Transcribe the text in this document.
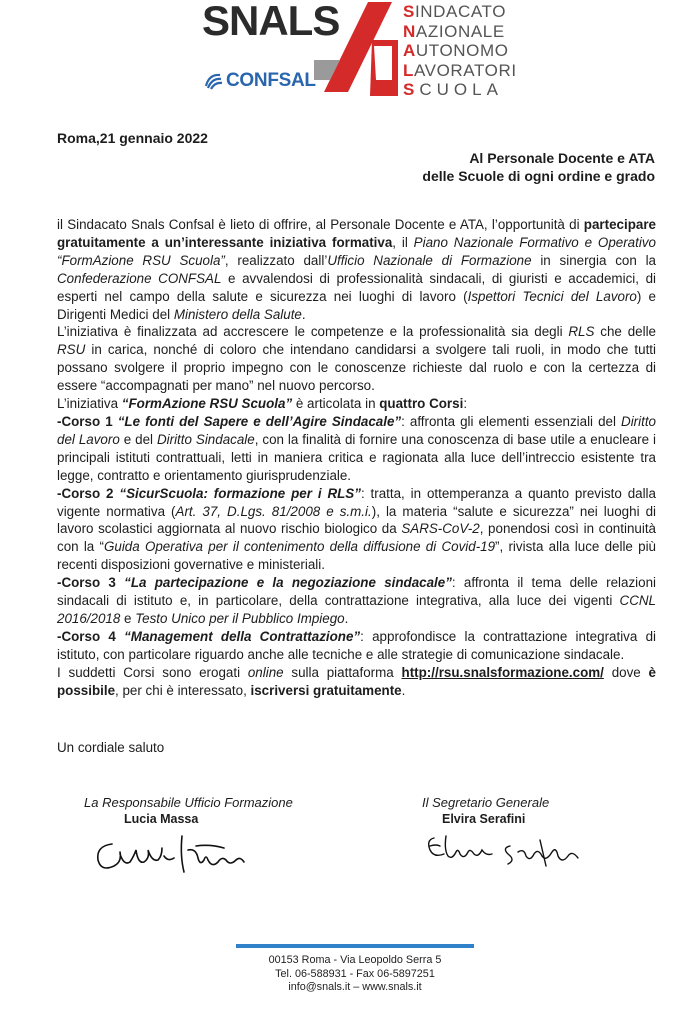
SNALS
CONFSAL
SINDACATO
NAZIONALE
AUTONOMO
LAVORATORI
SCUOLA
Roma,21 gennaio 2022
Al Personale Docente e ATA
delle Scuole di ogni ordine e grado

il Sindacato Snals Confsal è lieto di offrire, al Personale Docente e ATA, l’opportunità di partecipare gratuitamente a un’interessante iniziativa formativa, il Piano Nazionale Formativo e Operativo “FormAzione RSU Scuola”, realizzato dall’Ufficio Nazionale di Formazione in sinergia con la Confederazione CONFSAL e avvalendosi di professionalità sindacali, di giuristi e accademici, di esperti nel campo della salute e sicurezza nei luoghi di lavoro (Ispettori Tecnici del Lavoro) e Dirigenti Medici del Ministero della Salute.

L’iniziativa è finalizzata ad accrescere le competenze e la professionalità sia degli RLS che delle RSU in carica, nonché di coloro che intendano candidarsi a svolgere tali ruoli, in modo che tutti possano svolgere il proprio impegno con le conoscenze richieste dal ruolo e con la certezza di essere “accompagnati per mano” nel nuovo percorso.

L’iniziativa “FormAzione RSU Scuola” è articolata in quattro Corsi:

-Corso 1 “Le fonti del Sapere e dell’Agire Sindacale”: affronta gli elementi essenziali del Diritto del Lavoro e del Diritto Sindacale, con la finalità di fornire una conoscenza di base utile a enucleare i principali istituti contrattuali, letti in maniera critica e ragionata alla luce dell’intreccio esistente tra legge, contratto e orientamento giurisprudenziale.

-Corso 2 “SicurScuola: formazione per i RLS”: tratta, in ottemperanza a quanto previsto dalla vigente normativa (Art. 37, D.Lgs. 81/2008 e s.m.i.), la materia “salute e sicurezza” nei luoghi di lavoro scolastici aggiornata al nuovo rischio biologico da SARS-CoV-2, ponendosi così in continuità con la “Guida Operativa per il contenimento della diffusione di Covid-19”, rivista alla luce delle più recenti disposizioni governative e ministeriali.

-Corso 3 “La partecipazione e la negoziazione sindacale”: affronta il tema delle relazioni sindacali di istituto e, in particolare, della contrattazione integrativa, alla luce dei vigenti CCNL 2016/2018 e Testo Unico per il Pubblico Impiego.

-Corso 4 “Management della Contrattazione”: approfondisce la contrattazione integrativa di istituto, con particolare riguardo anche alle tecniche e alle strategie di comunicazione sindacale.

I suddetti Corsi sono erogati online sulla piattaforma http://rsu.snalsformazione.com/ dove è possibile, per chi è interessato, iscriversi gratuitamente.

Un cordiale saluto
La Responsabile Ufficio Formazione
Lucia Massa
Il Segretario Generale
Elvira Serafini
00153 Roma - Via Leopoldo Serra 5
Tel. 06-588931 - Fax 06-5897251
info@snals.it – www.snals.it
